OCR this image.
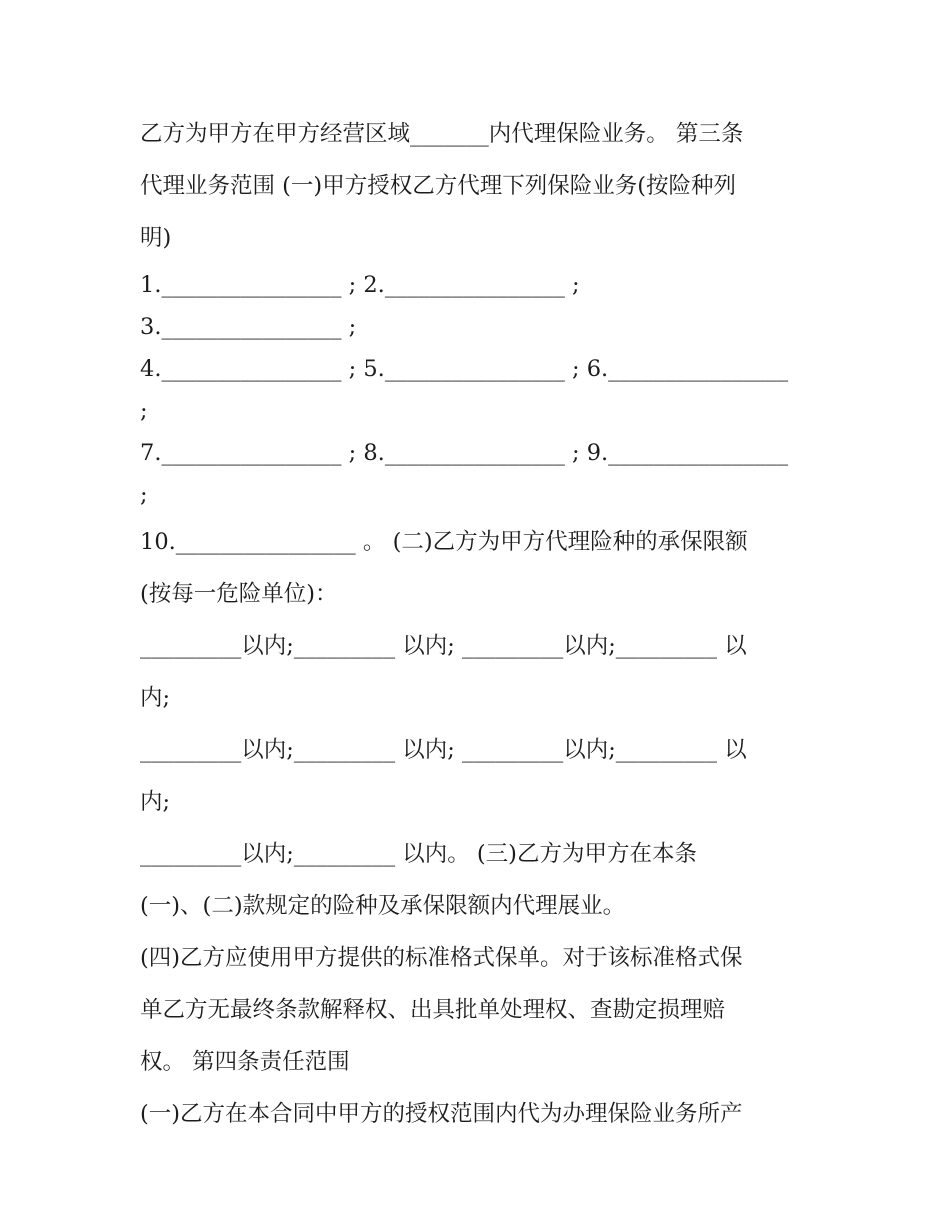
乙方为甲方在甲方经营区域_______内代理保险业务。 第三条
代理业务范围 (一)甲方授权乙方代理下列保险业务(按险种列
明)
1.________________ ; 2.________________ ;
3.________________ ;
4.________________ ; 5.________________ ; 6.________________
;
7.________________ ; 8.________________ ; 9.________________
;
10.________________ 。 (二)乙方为甲方代理险种的承保限额
(按每一危险单位)：
_________以内;_________ 以内; _________以内;_________ 以
内;
_________以内;_________ 以内; _________以内;_________ 以
内;
_________以内;_________ 以内。 (三)乙方为甲方在本条
(一)、(二)款规定的险种及承保限额内代理展业。
(四)乙方应使用甲方提供的标准格式保单。对于该标准格式保
单乙方无最终条款解释权、出具批单处理权、查勘定损理赔
权。 第四条责任范围
(一)乙方在本合同中甲方的授权范围内代为办理保险业务所产
